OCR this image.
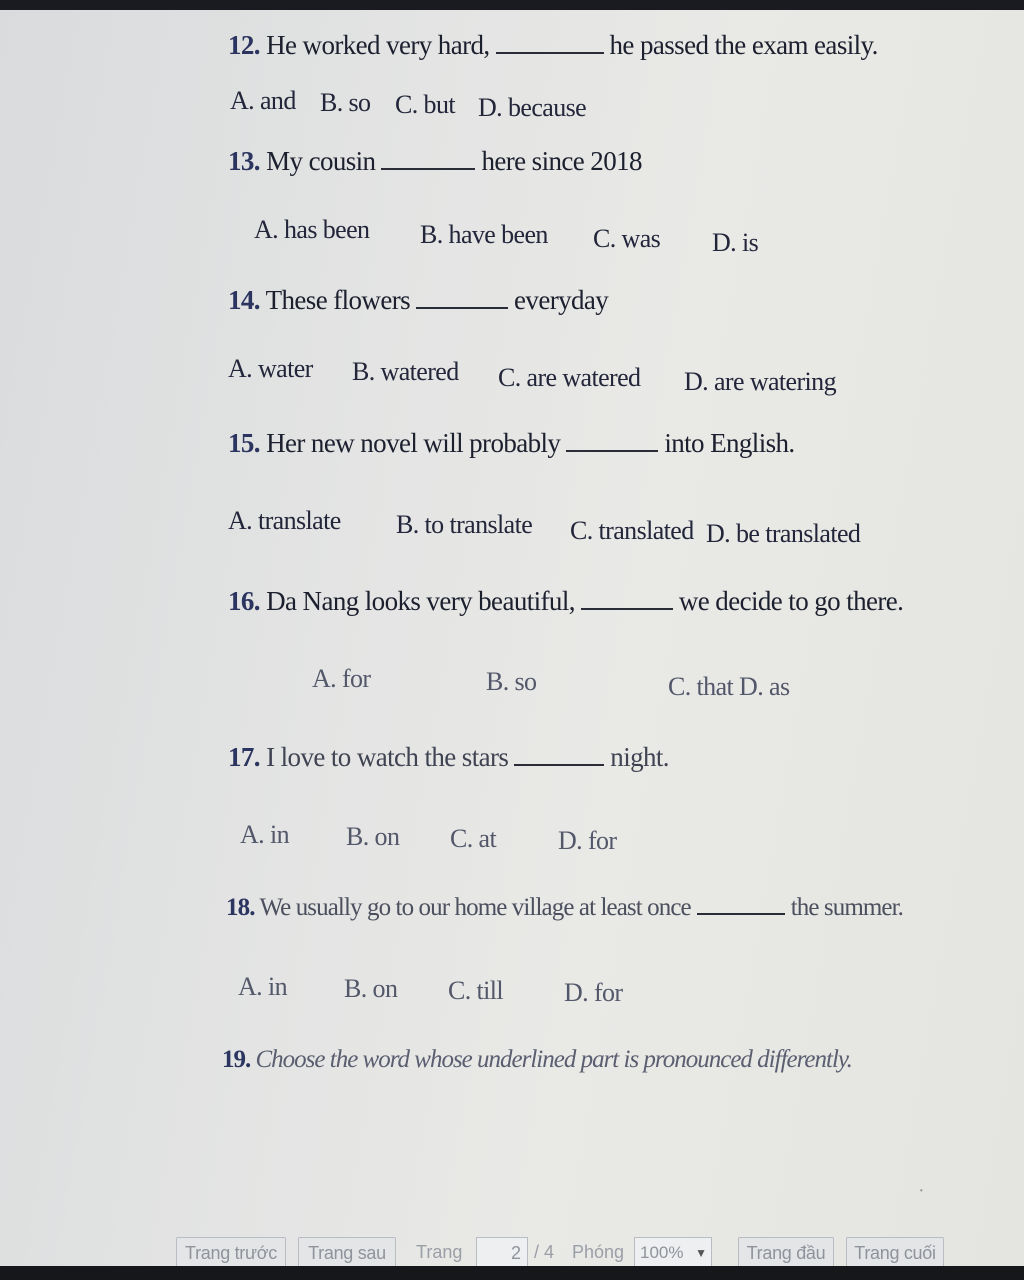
12. He worked very hard,	he passed the exam easily.
A. and B. so C. but D. because
13. My cousin	here since 2018
A. has been B. have been C. was D. is
14. These flowers	everyday
A. water B. watered C. are watered D. are watering
15. Her new novel will probably	into English.
A. translate B. to translate C. translated D. be translated
16. Da Nang looks very beautiful,	we decide to go there.
A. for	B. so	C. that D. as
17. I love to watch the stars	night.
A. in B. on C. at D. for
18. We usually go to our home village at least once	the summer.
A. in B. on C. till D. for
19. Choose the word whose underlined part is pronounced differently.
·
Trang trước	Trang sau	Trang	2 / 4 Phóng 100% ▼	Trang đầu	Trang cuối
